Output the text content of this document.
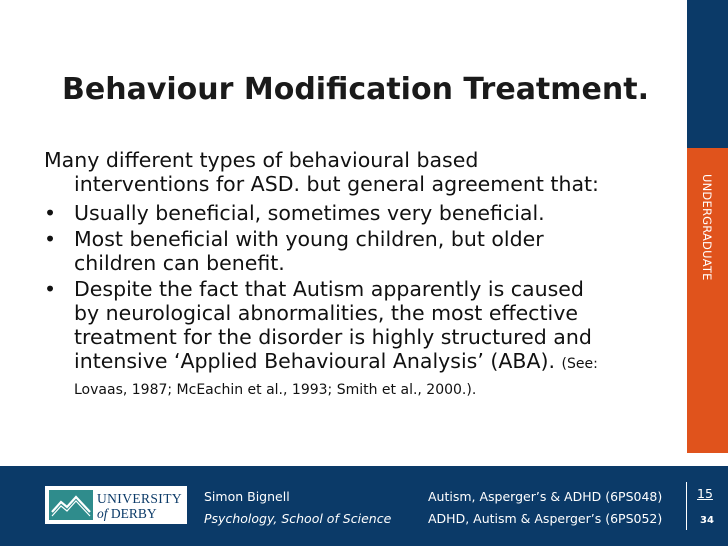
UNDERGRADUATE
Behaviour Modification Treatment.
Many different types of behavioural based
interventions for ASD. but general agreement that:
• Usually beneficial, sometimes very beneficial.
• Most beneficial with young children, but older
children can benefit.
• Despite the fact that Autism apparently is caused
by neurological abnormalities, the most effective
treatment for the disorder is highly structured and
intensive ‘Applied Behavioural Analysis’ (ABA). (See:
Lovaas, 1987; McEachin et al., 1993; Smith et al., 2000.).
UNIVERSITY
of DERBY
Simon Bignell
Psychology, School of Science
Autism, Asperger’s & ADHD (6PS048)
ADHD, Autism & Asperger’s (6PS052)
15
34
